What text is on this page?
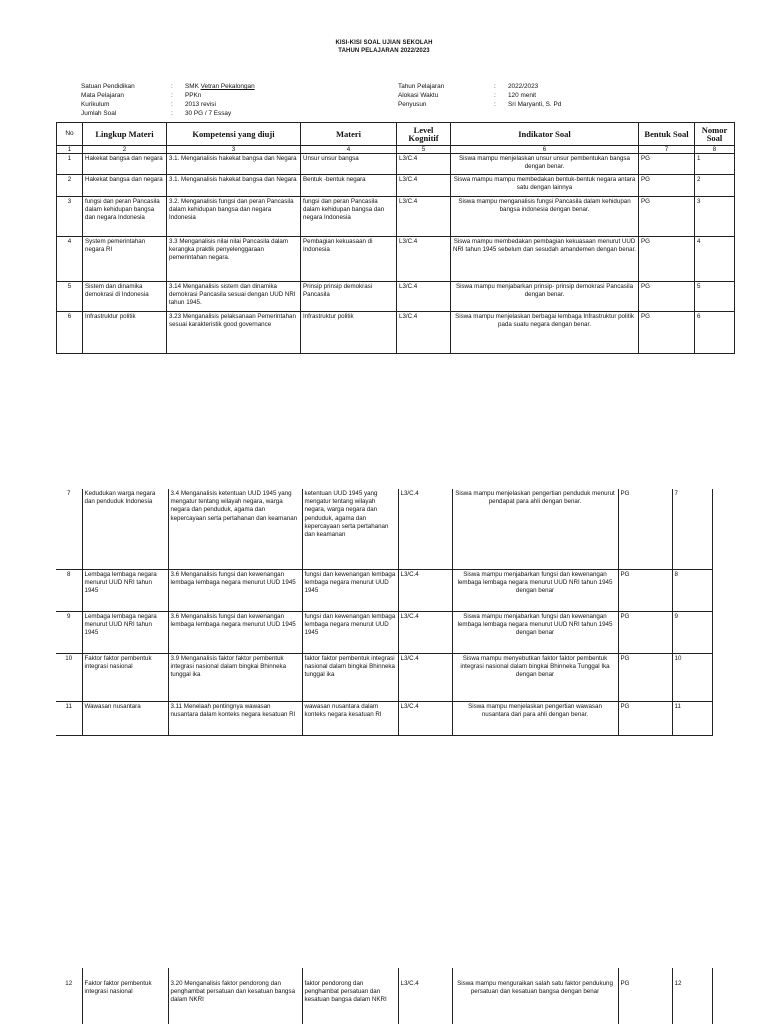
KISI-KISI SOAL UJIAN SEKOLAH
TAHUN PELAJARAN 2022/2023
Satuan Pendidikan	:	SMK Vetran Pekalongan
Mata Pelajaran	:	PPKn
Kurikulum	:	2013 revisi
Jumlah Soal	:	30 PG / 7 Essay
Tahun Pelajaran	:	2022/2023
Alokasi Waktu	:	120 menit
Penyusun	:	Sri Maryanti, S. Pd
No	Lingkup Materi	Kompetensi yang diuji	Materi	Level Kognitif	Indikator Soal	Bentuk Soal	Nomor Soal
1	2	3	4	5	6	7	8
1	Hakekat bangsa dan negara	3.1. Menganalisis hakekat bangsa dan Negara	Unsur unsur bangsa	L3/C.4	Siswa mampu menjelaskan unsur unsur pembentukan bangsa dengan benar.	PG	1
2	Hakekat bangsa dan negara	3.1. Menganalisis hakekat bangsa dan Negara	Bentuk -bentuk negara	L3/C.4	Siswa mampu mampu membedakan bentuk-bentuk negara antara satu dengan lainnya	PG	2
3	fungsi dan peran Pancasila dalam kehidupan bangsa dan negara Indonesia	3.2. Menganalisis fungsi dan peran Pancasila dalam kehidupan bangsa dan negara Indonesia	fungsi dan peran Pancasila dalam kehidupan bangsa dan negara Indonesia	L3/C.4	Siswa mampu menganalisis fungsi Pancasila dalam kehidupan bangsa indonesia dengan benar.	PG	3
4	System pemerintahan negara RI	3.3 Menganalisis nilai nilai Pancasila dalam kerangka praktik penyelenggaraan pemerintahan negara.	Pembagian kekuasaan di Indonesia	L3/C.4	Siswa mampu membedakan pembagian kekuasaan menurut UUD NRI tahun 1945 sebelum dan sesudah amandemen dengan benar.	PG	4
5	Sistem dan dinamika demokrasi di Indonesia	3.14 Menganalisis sistem dan dinamika demokrasi Pancasila sesuai dengan UUD NRI tahun 1945.	Prinsip prinsip demokrasi Pancasila	L3/C.4	Siswa mampu menjabarkan prinsip- prinsip demokrasi Pancasila dengan benar.	PG	5
6	Infrastruktur politik	3.23 Menganalisis pelaksanaan Pemerintahan sesuai karakteristik good governance	Infrastruktur politik	L3/C.4	Siswa mampu menjelaskan berbagai lembaga Infrastruktur politik pada suatu negara dengan benar.	PG	6
7	Kedudukan warga negara dan penduduk Indonesia	3.4 Menganalisis ketentuan UUD 1945 yang mengatur tentang wilayah negara, warga negara dan penduduk, agama dan kepercayaan serta pertahanan dan keamanan	ketentuan UUD 1945 yang mengatur tentang wilayah negara, warga negara dan penduduk, agama dan kepercayaan serta pertahanan dan keamanan	L3/C.4	Siswa mampu menjelaskan pengertian penduduk menurut pendapat para ahli dengan benar.	PG	7
8	Lembaga lembaga negara menurut UUD NRI tahun 1945	3.6 Menganalisis fungsi dan kewenangan lembaga lembaga negara menurut UUD 1945	fungsi dan kewenangan lembaga lembaga negara menurut UUD 1945	L3/C.4	Siswa mampu menjabarkan fungsi dan kewenangan lembaga lembaga negara menurut UUD NRI tahun 1945 dengan benar	PG	8
9	Lembaga lembaga negara menurut UUD NRI tahun 1945	3.6 Menganalisis fungsi dan kewenangan lembaga lembaga negara menurut UUD 1945	fungsi dan kewenangan lembaga lembaga negara menurut UUD 1945	L3/C.4	Siswa mampu menjabarkan fungsi dan kewenangan lembaga lembaga negara menurut UUD NRI tahun 1945 dengan benar	PG	9
10	Faktor faktor pembentuk integrasi nasional	3.9 Menganalisis faktor faktor pembentuk integrasi nasional dalam bingkai Bhinneka tunggal ika	faktor faktor pembentuk integrasi nasional dalam bingkai Bhinneka tunggal ika	L3/C.4	Siswa mampu menyebutkan faktor faktor pembentuk integrasi nasional dalam bingkai Bhinneka Tunggal Ika dengan benar	PG	10
11	Wawasan nusantara	3.11 Menelaah pentingnya wawasan nusantara dalam konteks negara kesatuan RI	wawasan nusantara dalam konteks negara kesatuan RI	L3/C.4	Siswa mampu menjelaskan pengertian wawasan nusantara dari para ahli dengan benar.	PG	11
12	Faktor faktor pembentuk integrasi nasional	3.20 Menganalisis faktor pendorong dan penghambat persatuan dan kesatuan bangsa dalam NKRI	faktor pendorong dan penghambat persatuan dan kesatuan bangsa dalam NKRI	L3/C.4	Siswa mampu menguraikan salah satu faktor pendukung persatuan dan kesatuan bangsa dengan benar	PG	12
